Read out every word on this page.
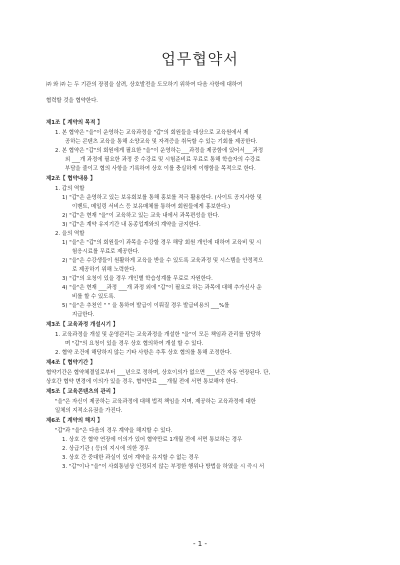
업무협약서
㈜ 와 ㈜ 는 두 기관의 장점을 살려, 상호발전을 도모하기 위하여 다음 사항에 대하여
협력할 것을 협약한다.
제1조【 계약의 목적 】
1. 본 협약은 "을"이 운영하는 교육과정을 "갑"의 회원들을 대상으로 교육원에서 제
공하는 콘텐츠 교육을 통해 소양교육 및 자격증을 취득할 수 있는 기회를 제공한다.
2. 본 협약은 "갑"의 회원에게 필요한 "을"이 운영하는___과정을 제공함에 있어서___과정
외 ___개 과정에 필요한 과정 중 수강료 및 시험준비료 무료로 통해 학습자의 수강료
부담을 줄이고 협의 사항을 기록하여 상호 이를 충실하게 이행함을 목적으로 한다.
제2조【 협약내용 】
1. 갑의 역할
1) "갑"은 운영하고 있는 보유회보를 통해 홍보를 적극 활용한다. (사이트 공지사항 및
이벤트, 메일링 서비스 등 보유매체를 통하여 회원들에게 홍보한다.)
2) "갑"은 현재 "을"이 교육하고 있는 교육 내에서 과목편성을 한다.
3) "갑"은 계약 유지기간 내 동종업계와의 계약을 금지한다.
2. 을의 역할
1) "을"은 "갑"의 회원들이 과목을 수강할 경우 해당 회원 개인에 대하여 교육비 및 시
험응시료를 무료로 제공한다.
2) "을"은 수강생들이 원활하게 교육을 받을 수 있도록 교육과정 및 시스템을 안정적으
로 제공하기 위해 노력한다.
3) "갑"의 요청이 있을 경우 개인별 학습성계를 무료로 자원한다.
4) "을"은 현재 ___과정 ___개 과정 외에 "갑"이 필요로 하는 과목에 대해 추가신사 운
비를 할 수 있도록.
5) "을"은 추천인 " " 을 통하여 발급이 이뤄질 경우 발급비용의 ___%를
지급한다.
제3조【 교육과정 개설시기 】
1. 교육과정을 개설 및 운영관리는 교육과정을 개설한 "을"이 모든 책임과 관리를 담당하
며 "갑"의 요청이 있을 경우 상호 협의하여 개설 할 수 있다.
2. 협약 조건에 해당하지 않는 기타 사항은 추후 상호 협의를 통해 조정한다.
제4조【 협약기간 】
협약기간은 협약체결일로부터 ___년으로 정하며, 상호이의가 없으면 ___년간 자동 연장된다. 단,
상호간 협약 변경에 이의가 있을 경우, 협약만료 ___개월 전에 서면 통보해야 한다.
제5조【 교육콘텐츠의 관리 】
"을"은 자신이 제공하는 교육과정에 대해 법적 책임을 지며, 제공하는 교육과정에 대한
일체의 지적소유권을 가진다.
제6조【 계약의 해지 】
"갑"과 "을"은 다음의 경우 계약을 해지할 수 있다.
1. 상호 간 협약 연장에 이의가 있어 협약만료 1개월 전에 서면 통보하는 경우
2. 상급기관 ( 등)의 지시에 의한 경우
3. 상호 간 중대한 과실이 있어 계약을 유지할 수 없는 경우
3. "갑"이나 "을"이 사회통념상 인정되지 않는 부정한 행위나 방법을 하였을 시 즉시 서
- 1 -
